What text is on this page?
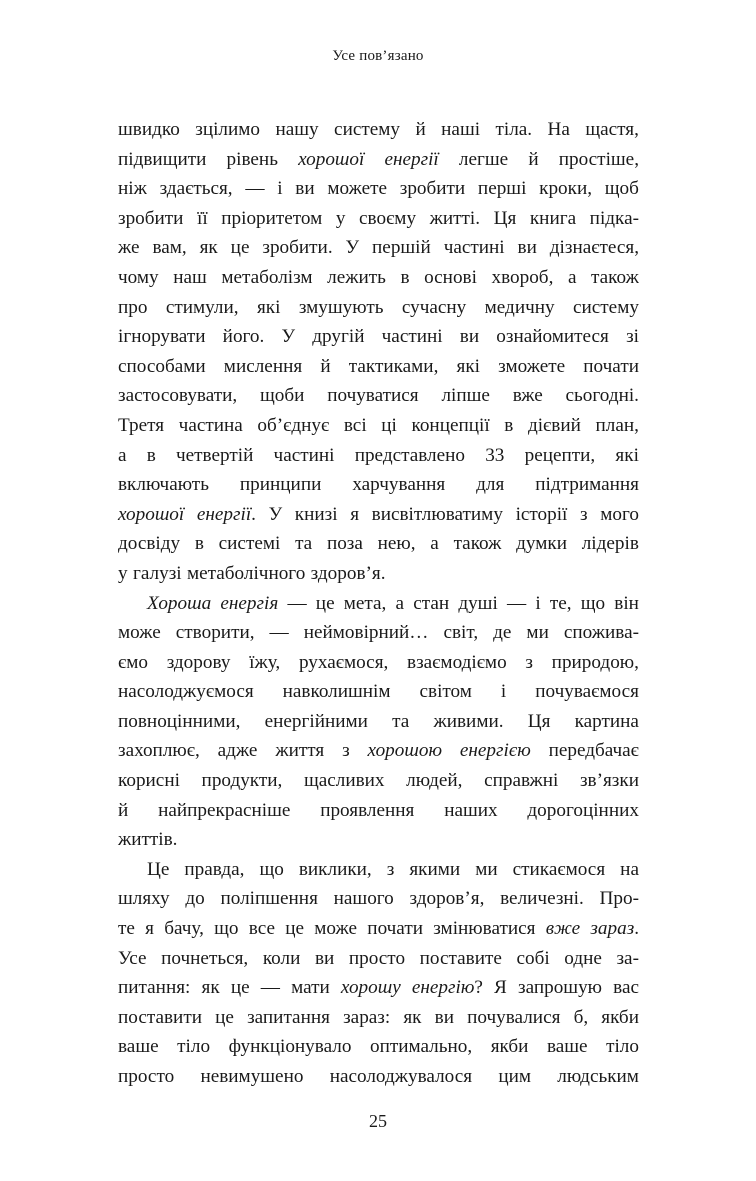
Усе пов’язано
швидко зцілимо нашу систему й наші тіла. На щастя,
підвищити рівень хорошої енергії легше й простіше,
ніж здається, — і ви можете зробити перші кроки, щоб
зробити її пріоритетом у своєму житті. Ця книга підка-
же вам, як це зробити. У першій частині ви дізнаєтеся,
чому наш метаболізм лежить в основі хвороб, а також
про стимули, які змушують сучасну медичну систему
ігнорувати його. У другій частині ви ознайомитеся зі
способами мислення й тактиками, які зможете почати
застосовувати, щоби почуватися ліпше вже сьогодні.
Третя частина об’єднує всі ці концепції в дієвий план,
а в четвертій частині представлено 33 рецепти, які
включають принципи харчування для підтримання
хорошої енергії. У книзі я висвітлюватиму історії з мого
досвіду в системі та поза нею, а також думки лідерів
у галузі метаболічного здоров’я.
Хороша енергія — це мета, а стан душі — і те, що він
може створити, — неймовірний… світ, де ми спожива-
ємо здорову їжу, рухаємося, взаємодіємо з природою,
насолоджуємося навколишнім світом і почуваємося
повноцінними, енергійними та живими. Ця картина
захоплює, адже життя з хорошою енергією передбачає
корисні продукти, щасливих людей, справжні зв’язки
й найпрекрасніше проявлення наших дорогоцінних
життів.
Це правда, що виклики, з якими ми стикаємося на
шляху до поліпшення нашого здоров’я, величезні. Про-
те я бачу, що все це може почати змінюватися вже зараз.
Усе почнеться, коли ви просто поставите собі одне за-
питання: як це — мати хорошу енергію? Я запрошую вас
поставити це запитання зараз: як ви почувалися б, якби
ваше тіло функціонувало оптимально, якби ваше тіло
просто невимушено насолоджувалося цим людським
25
